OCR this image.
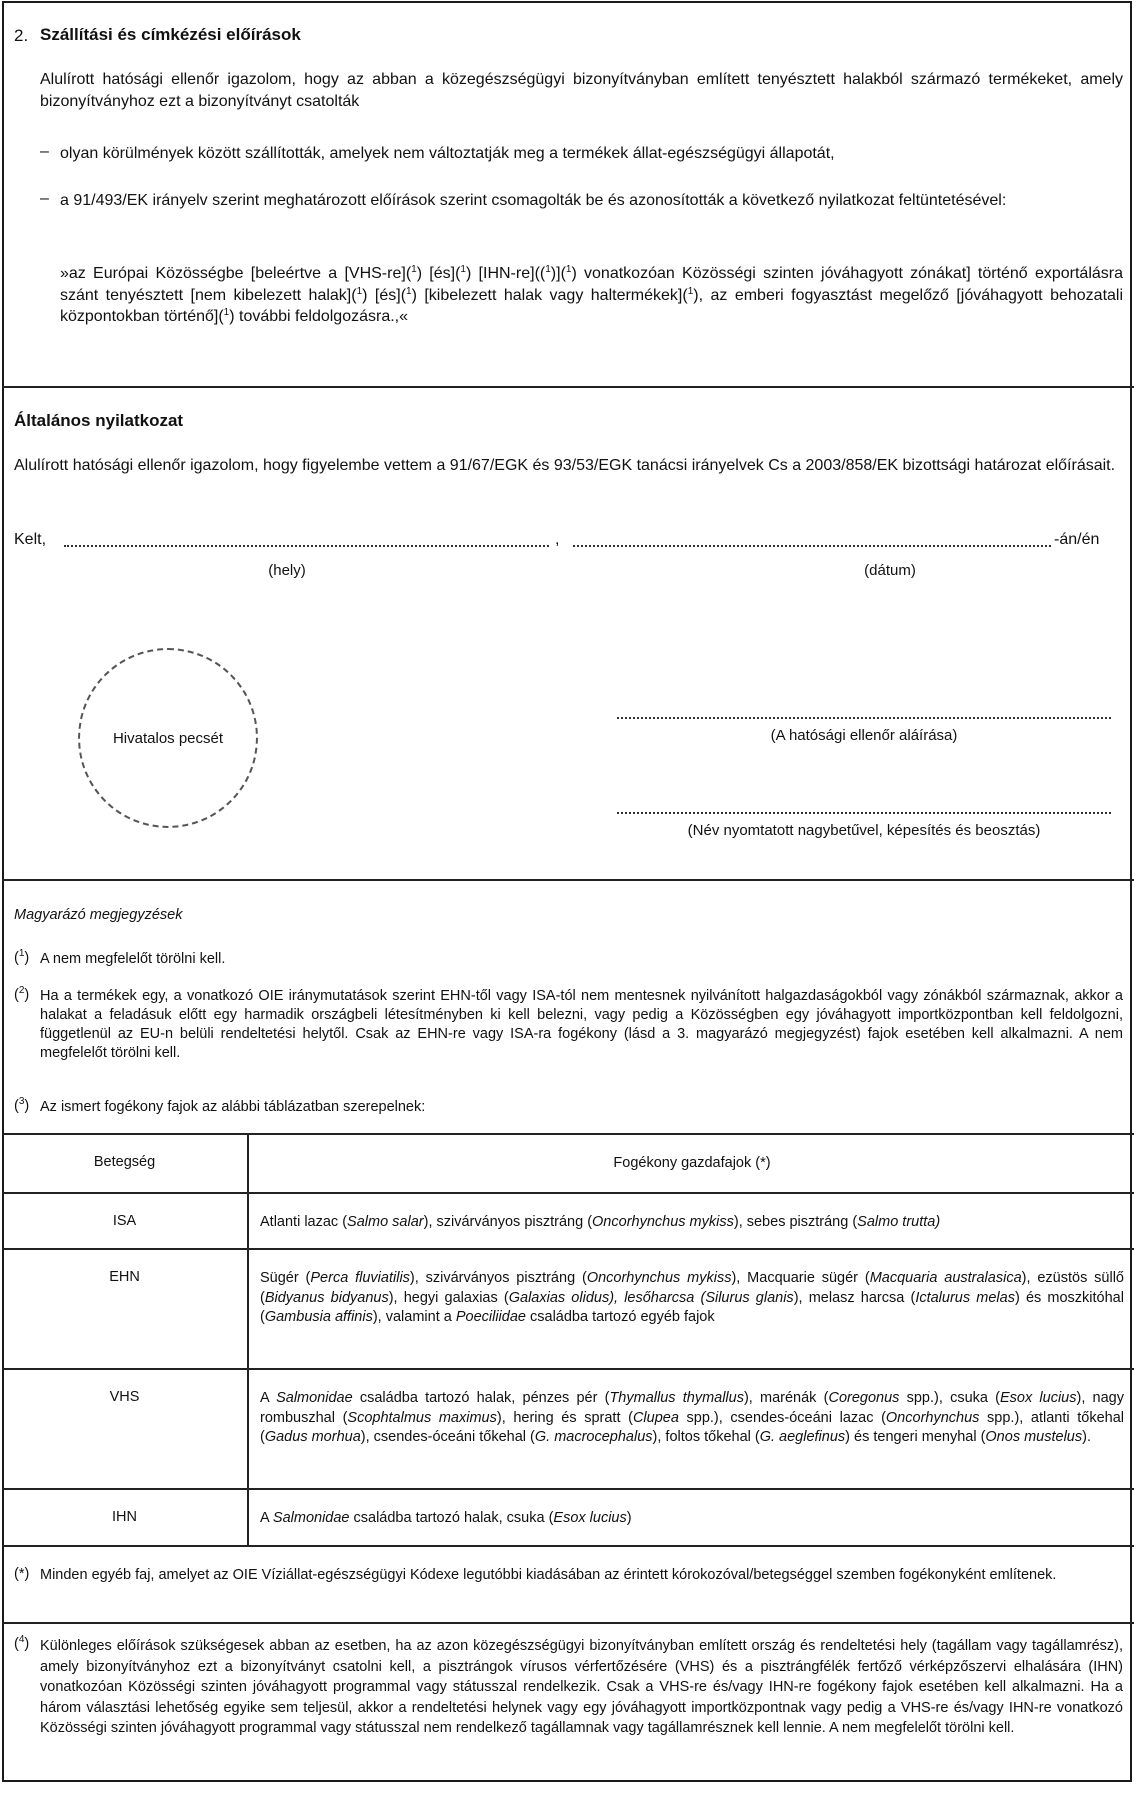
2. Szállítási és címkézési előírások
Alulírott hatósági ellenőr igazolom, hogy az abban a közegészségügyi bizonyítványban említett tenyésztett halakból származó termékeket, amely bizonyítványhoz ezt a bizonyítványt csatolták
– olyan körülmények között szállították, amelyek nem változtatják meg a termékek állat-egészségügyi állapotát,
– a 91/493/EK irányelv szerint meghatározott előírások szerint csomagolták be és azonosították a következő nyilatkozat feltüntetésével:
»az Európai Közösségbe [beleértve a [VHS-re]($^1$) [és]($^1$) [IHN-re](($^1$)]($^1$) vonatkozóan Közösségi szinten jóváhagyott zónákat] történő exportálásra szánt tenyésztett [nem kibelezett halak]($^1$) [és]($^1$) [kibelezett halak vagy haltermékek]($^1$), az emberi fogyasztást megelőző [jóváhagyott behozatali központokban történő]($^1$) további feldolgozásra.,«
Általános nyilatkozat
Alulírott hatósági ellenőr igazolom, hogy figyelembe vettem a 91/67/EGK és 93/53/EGK tanácsi irányelvek Cs a 2003/858/EK bizottsági határozat előírásait.
Kelt,	,	-án/én
(hely)	(dátum)
Hivatalos pecsét	(A hatósági ellenőr aláírása)
(Név nyomtatott nagybetűvel, képesítés és beosztás)
Magyarázó megjegyzések
($^1$) A nem megfelelőt törölni kell.
($^2$) Ha a termékek egy, a vonatkozó OIE iránymutatások szerint EHN-től vagy ISA-tól nem mentesnek nyilvánított halgazdaságokból vagy zónákból származnak, akkor a halakat a feladásuk előtt egy harmadik országbeli létesítményben ki kell belezni, vagy pedig a Közösségben egy jóváhagyott importközpontban kell feldolgozni, függetlenül az EU-n belüli rendeltetési helytől. Csak az EHN-re vagy ISA-ra fogékony (lásd a 3. magyarázó megjegyzést) fajok esetében kell alkalmazni. A nem megfelelőt törölni kell.
($^3$) Az ismert fogékony fajok az alábbi táblázatban szerepelnek:
Betegség	Fogékony gazdafajok (*)
ISA	Atlanti lazac (Salmo salar), szivárványos pisztráng (Oncorhynchus mykiss), sebes pisztráng (Salmo trutta)
EHN	Sügér (Perca fluviatilis), szivárványos pisztráng (Oncorhynchus mykiss), Macquarie sügér (Macquaria australasica), ezüstös süllő (Bidyanus bidyanus), hegyi galaxias (Galaxias olidus), lesőharcsa (Silurus glanis), melasz harcsa (Ictalurus melas) és moszkitóhal (Gambusia affinis), valamint a Poeciliidae családba tartozó egyéb fajok
VHS	A Salmonidae családba tartozó halak, pénzes pér (Thymallus thymallus), marénák (Coregonus spp.), csuka (Esox lucius), nagy rombuszhal (Scophtalmus maximus), hering és spratt (Clupea spp.), csendes-óceáni lazac (Oncorhynchus spp.), atlanti tőkehal (Gadus morhua), csendes-óceáni tőkehal (G. macrocephalus), foltos tőkehal (G. aeglefinus) és tengeri menyhal (Onos mustelus).
IHN	A Salmonidae családba tartozó halak, csuka (Esox lucius)
(*) Minden egyéb faj, amelyet az OIE Víziállat-egészségügyi Kódexe legutóbbi kiadásában az érintett kórokozóval/betegséggel szemben fogékonyként említenek.
($^4$) Különleges előírások szükségesek abban az esetben, ha az azon közegészségügyi bizonyítványban említett ország és rendeltetési hely (tagállam vagy tagállamrész), amely bizonyítványhoz ezt a bizonyítványt csatolni kell, a pisztrángok vírusos vérfertőzésére (VHS) és a pisztrángfélék fertőző vérképzőszervi elhalására (IHN) vonatkozóan Közösségi szinten jóváhagyott programmal vagy státusszal rendelkezik. Csak a VHS-re és/vagy IHN-re fogékony fajok esetében kell alkalmazni. Ha a három választási lehetőség egyike sem teljesül, akkor a rendeltetési helynek vagy egy jóváhagyott importközpontnak vagy pedig a VHS-re és/vagy IHN-re vonatkozó Közösségi szinten jóváhagyott programmal vagy státusszal nem rendelkező tagállamnak vagy tagállamrésznek kell lennie. A nem megfelelőt törölni kell.
